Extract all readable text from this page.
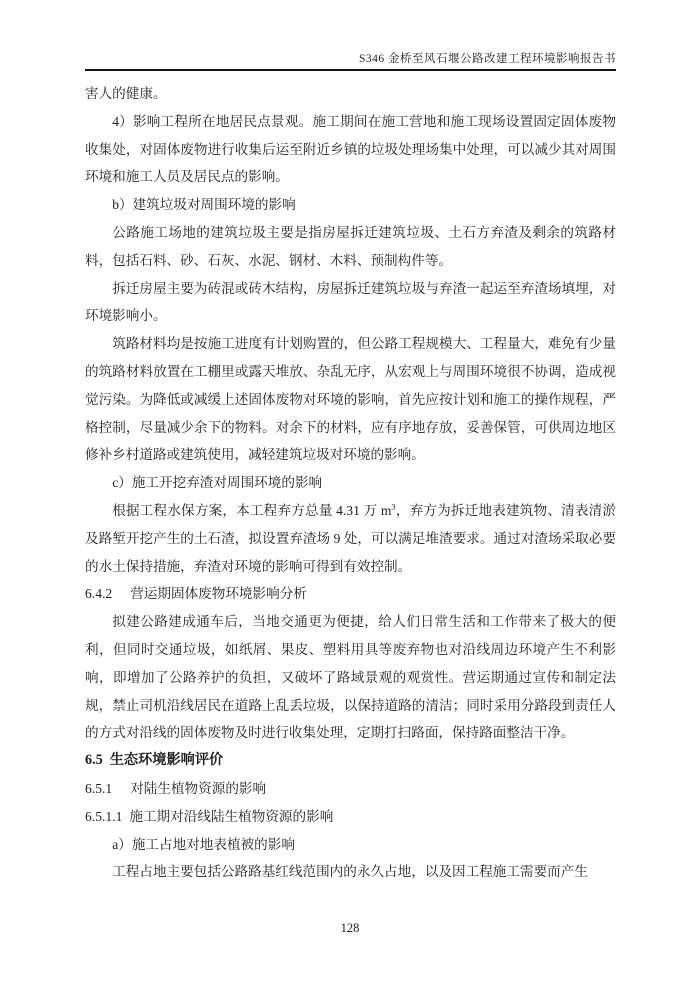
S346 金桥至风石堰公路改建工程环境影响报告书

害人的健康。

4）影响工程所在地居民点景观。施工期间在施工营地和施工现场设置固定固体废物收集处，对固体废物进行收集后运至附近乡镇的垃圾处理场集中处理，可以减少其对周围环境和施工人员及居民点的影响。

b）建筑垃圾对周围环境的影响

公路施工场地的建筑垃圾主要是指房屋拆迁建筑垃圾、土石方弃渣及剩余的筑路材料，包括石料、砂、石灰、水泥、钢材、木料、预制构件等。

拆迁房屋主要为砖混或砖木结构，房屋拆迁建筑垃圾与弃渣一起运至弃渣场填埋，对环境影响小。

筑路材料均是按施工进度有计划购置的，但公路工程规模大、工程量大，难免有少量的筑路材料放置在工棚里或露天堆放、杂乱无序，从宏观上与周围环境很不协调，造成视觉污染。为降低或减缓上述固体废物对环境的影响，首先应按计划和施工的操作规程，严格控制，尽量减少余下的物料。对余下的材料，应有序地存放，妥善保管，可供周边地区修补乡村道路或建筑使用，减轻建筑垃圾对环境的影响。

c）施工开挖弃渣对周围环境的影响

根据工程水保方案，本工程弃方总量 4.31 万 $m^3$，弃方为拆迁地表建筑物、清表清淤及路堑开挖产生的土石渣，拟设置弃渣场 9 处，可以满足堆渣要求。通过对渣场采取必要的水土保持措施，弃渣对环境的影响可得到有效控制。

6.4.2 营运期固体废物环境影响分析

拟建公路建成通车后，当地交通更为便捷，给人们日常生活和工作带来了极大的便利，但同时交通垃圾，如纸屑、果皮、塑料用具等废弃物也对沿线周边环境产生不利影响，即增加了公路养护的负担，又破坏了路域景观的观赏性。营运期通过宣传和制定法规，禁止司机沿线居民在道路上乱丢垃圾，以保持道路的清洁；同时采用分路段到责任人的方式对沿线的固体废物及时进行收集处理，定期打扫路面，保持路面整洁干净。

6.5 生态环境影响评价

6.5.1 对陆生植物资源的影响

6.5.1.1 施工期对沿线陆生植物资源的影响

a）施工占地对地表植被的影响

工程占地主要包括公路路基红线范围内的永久占地，以及因工程施工需要而产生

128
